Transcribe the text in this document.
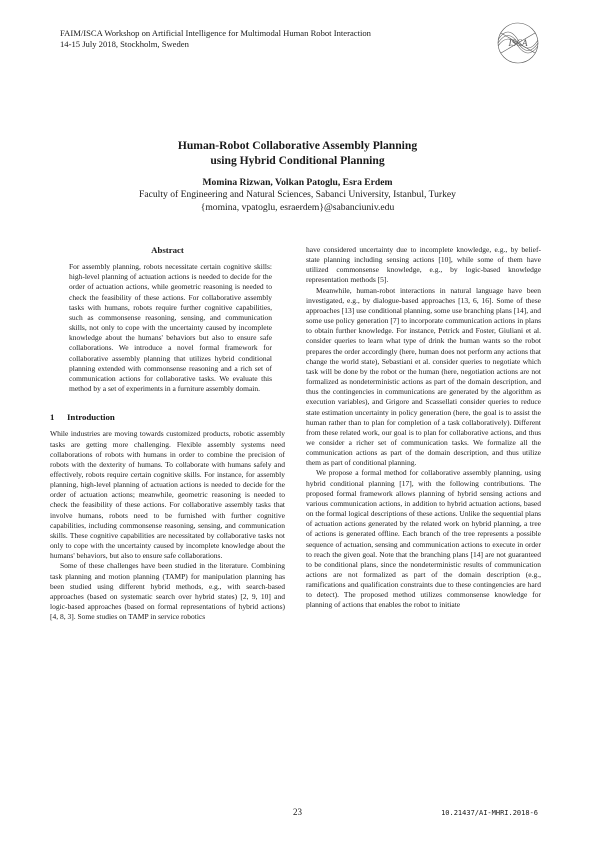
FAIM/ISCA Workshop on Artificial Intelligence for Multimodal Human Robot Interaction
14-15 July 2018, Stockholm, Sweden	ISCA
Human-Robot Collaborative Assembly Planning
using Hybrid Conditional Planning
Momina Rizwan, Volkan Patoglu, Esra Erdem
Faculty of Engineering and Natural Sciences, Sabanci University, Istanbul, Turkey
{momina, vpatoglu, esraerdem}@sabanciuniv.edu
Abstract

For assembly planning, robots necessitate certain cognitive skills: high-level planning of actuation actions is needed to decide for the order of actuation actions, while geometric reasoning is needed to check the feasibility of these actions. For collaborative assembly tasks with humans, robots require further cognitive capabilities, such as commonsense reasoning, sensing, and communication skills, not only to cope with the uncertainty caused by incomplete knowledge about the humans' behaviors but also to ensure safe collaborations. We introduce a novel formal framework for collaborative assembly planning that utilizes hybrid conditional planning extended with commonsense reasoning and a rich set of communication actions for collaborative tasks. We evaluate this method by a set of experiments in a furniture assembly domain.

1 Introduction

While industries are moving towards customized products, robotic assembly tasks are getting more challenging. Flexible assembly systems need collaborations of robots with humans in order to combine the precision of robots with the dexterity of humans. To collaborate with humans safely and effectively, robots require certain cognitive skills. For instance, for assembly planning, high-level planning of actuation actions is needed to decide for the order of actuation actions; meanwhile, geometric reasoning is needed to check the feasibility of these actions. For collaborative assembly tasks that involve humans, robots need to be furnished with further cognitive capabilities, including commonsense reasoning, sensing, and communication skills. These cognitive capabilities are necessitated by collaborative tasks not only to cope with the uncertainty caused by incomplete knowledge about the humans' behaviors, but also to ensure safe collaborations.

Some of these challenges have been studied in the literature. Combining task planning and motion planning (TAMP) for manipulation planning has been studied using different hybrid methods, e.g., with search-based approaches (based on systematic search over hybrid states) [2, 9, 10] and logic-based approaches (based on formal representations of hybrid actions) [4, 8, 3]. Some studies on TAMP in service robotics

have considered uncertainty due to incomplete knowledge, e.g., by belief-state planning including sensing actions [10], while some of them have utilized commonsense knowledge, e.g., by logic-based knowledge representation methods [5].

Meanwhile, human-robot interactions in natural language have been investigated, e.g., by dialogue-based approaches [13, 6, 16]. Some of these approaches [13] use conditional planning, some use branching plans [14], and some use policy generation [7] to incorporate communication actions in plans to obtain further knowledge. For instance, Petrick and Foster, Giuliani et al. consider queries to learn what type of drink the human wants so the robot prepares the order accordingly (here, human does not perform any actions that change the world state), Sebastiani et al. consider queries to negotiate which task will be done by the robot or the human (here, negotiation actions are not formalized as nondeterministic actions as part of the domain description, and thus the contingencies in communications are generated by the algorithm as execution variables), and Grigore and Scassellati consider queries to reduce state estimation uncertainty in policy generation (here, the goal is to assist the human rather than to plan for completion of a task collaboratively). Different from these related work, our goal is to plan for collaborative actions, and thus we consider a richer set of communication tasks. We formalize all the communication actions as part of the domain description, and thus utilize them as part of conditional planning.

We propose a formal method for collaborative assembly planning, using hybrid conditional planning [17], with the following contributions. The proposed formal framework allows planning of hybrid sensing actions and various communication actions, in addition to hybrid actuation actions, based on the formal logical descriptions of these actions. Unlike the sequential plans of actuation actions generated by the related work on hybrid planning, a tree of actions is generated offline. Each branch of the tree represents a possible sequence of actuation, sensing and communication actions to execute in order to reach the given goal. Note that the branching plans [14] are not guaranteed to be conditional plans, since the nondeterministic results of communication actions are not formalized as part of the domain description (e.g., ramifications and qualification constraints due to these contingencies are hard to detect). The proposed method utilizes commonsense knowledge for planning of actions that enables the robot to initiate

23	10.21437/AI-MHRI.2018-6
